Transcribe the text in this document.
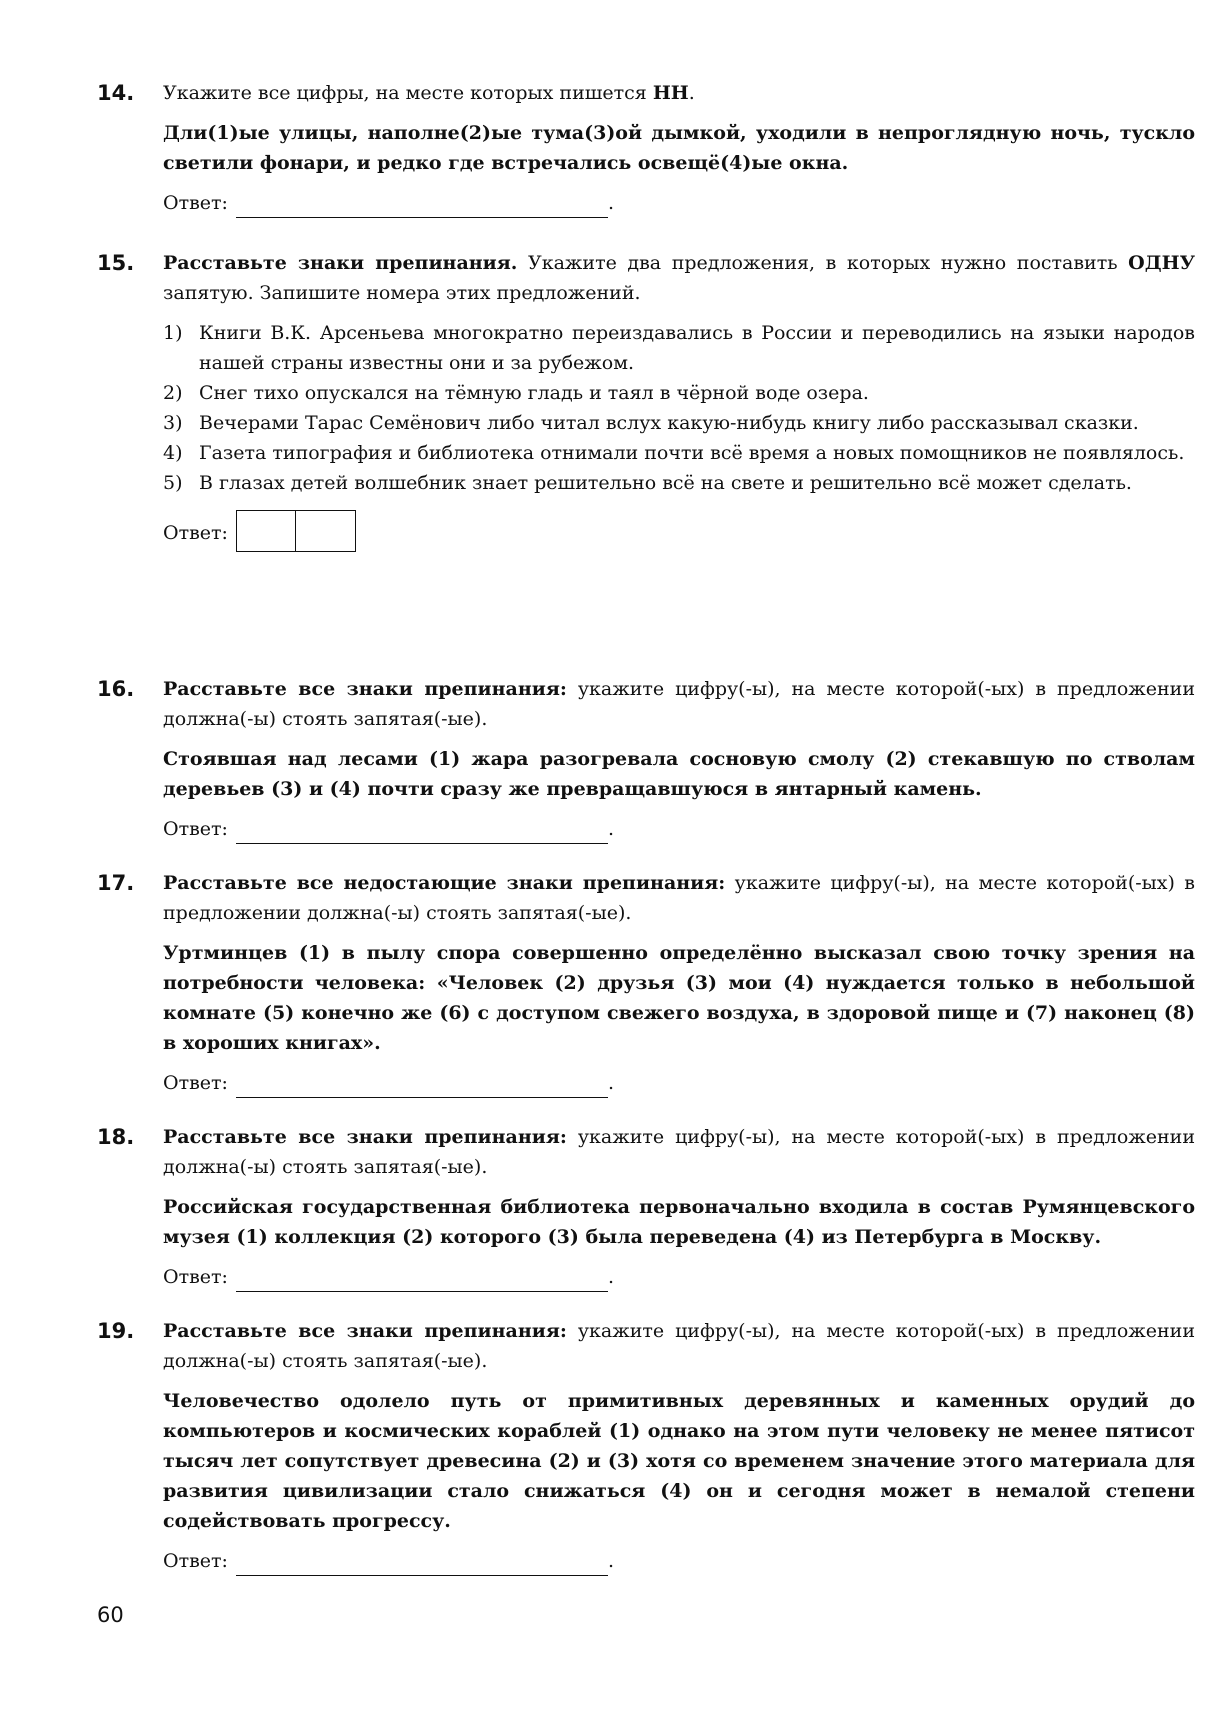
14. Укажите все цифры, на месте которых пишется НН.

Дли(1)ые улицы, наполне(2)ые тума(3)ой дымкой, уходили в непроглядную ночь, тускло светили фонари, и редко где встречались освещё(4)ые окна.

Ответ:	.
15. Расставьте знаки препинания. Укажите два предложения, в которых нужно поставить ОДНУ запятую. Запишите номера этих предложений.

1) Книги В.К. Арсеньева многократно переиздавались в России и переводились на языки народов нашей страны известны они и за рубежом.
2) Снег тихо опускался на тёмную гладь и таял в чёрной воде озера.
3) Вечерами Тарас Семёнович либо читал вслух какую-нибудь книгу либо рассказывал сказки.
4) Газета типография и библиотека отнимали почти всё время а новых помощников не появлялось.
5) В глазах детей волшебник знает решительно всё на свете и решительно всё может сделать.
Ответ:
16. Расставьте все знаки препинания: укажите цифру(-ы), на месте которой(-ых) в предложении должна(-ы) стоять запятая(-ые).

Стоявшая над лесами (1) жара разогревала сосновую смолу (2) стекавшую по стволам деревьев (3) и (4) почти сразу же превращавшуюся в янтарный камень.

Ответ:	.
17. Расставьте все недостающие знаки препинания: укажите цифру(-ы), на месте которой(-ых) в предложении должна(-ы) стоять запятая(-ые).

Уртминцев (1) в пылу спора совершенно определённо высказал свою точку зрения на потребности человека: «Человек (2) друзья (3) мои (4) нуждается только в небольшой комнате (5) конечно же (6) с доступом свежего воздуха, в здоровой пище и (7) наконец (8) в хороших книгах».

Ответ:	.
18. Расставьте все знаки препинания: укажите цифру(-ы), на месте которой(-ых) в предложении должна(-ы) стоять запятая(-ые).

Российская государственная библиотека первоначально входила в состав Румянцевского музея (1) коллекция (2) которого (3) была переведена (4) из Петербурга в Москву.

Ответ:	.
19. Расставьте все знаки препинания: укажите цифру(-ы), на месте которой(-ых) в предложении должна(-ы) стоять запятая(-ые).

Человечество одолело путь от примитивных деревянных и каменных орудий до компьютеров и космических кораблей (1) однако на этом пути человеку не менее пятисот тысяч лет сопутствует древесина (2) и (3) хотя со временем значение этого материала для развития цивилизации стало снижаться (4) он и сегодня может в немалой степени содействовать прогрессу.

Ответ:	.
60
